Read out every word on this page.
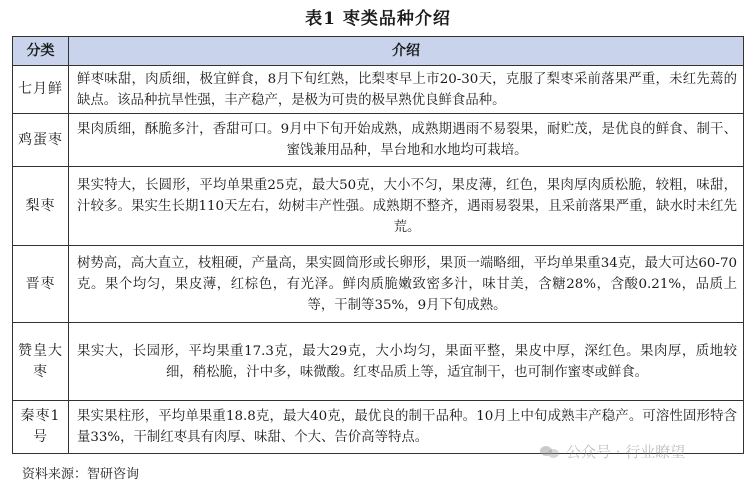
表1 枣类品种介绍
分类	介绍
七月鲜	鲜枣味甜，肉质细，极宜鲜食，8月下旬红熟，比梨枣早上市20-30天，克服了梨枣采前落果严重，未红先蔫的缺点。该品种抗旱性强，丰产稳产，是极为可贵的极早熟优良鲜食品种。
鸡蛋枣	果肉质细，酥脆多汁，香甜可口。9月中下旬开始成熟，成熟期遇雨不易裂果，耐贮茂，是优良的鲜食、制干、蜜饯兼用品种，旱台地和水地均可栽培。
梨枣	果实特大，长圆形，平均单果重25克，最大50克，大小不匀，果皮薄，红色，果肉厚肉质松脆，较粗，味甜，汁较多。果实生长期110天左右，幼树丰产性强。成熟期不整齐，遇雨易裂果，且采前落果严重，缺水时未红先荒。
晋枣	树势高，高大直立，枝粗硬，产量高，果实圆筒形或长卵形，果顶一端略细，平均单果重34克，最大可达60-70克。果个均匀，果皮薄，红棕色，有光泽。鲜肉质脆嫩致密多汁，味甘美，含糖28%，含酸0.21%，品质上等，干制等35%，9月下旬成熟。
赞皇大枣	果实大，长园形，平均果重17.3克，最大29克，大小均匀，果面平整，果皮中厚，深红色。果肉厚，质地较细，稍松脆，汁中多，味微酸。红枣品质上等，适宜制干，也可制作蜜枣或鲜食。
秦枣1号	果实果柱形，平均单果重18.8克，最大40克，最优良的制干品种。10月上中旬成熟丰产稳产。可溶性固形特含量33%，干制红枣具有肉厚、味甜、个大、告价高等特点。
公众号 · 行业瞭望
资料来源：智研咨询
